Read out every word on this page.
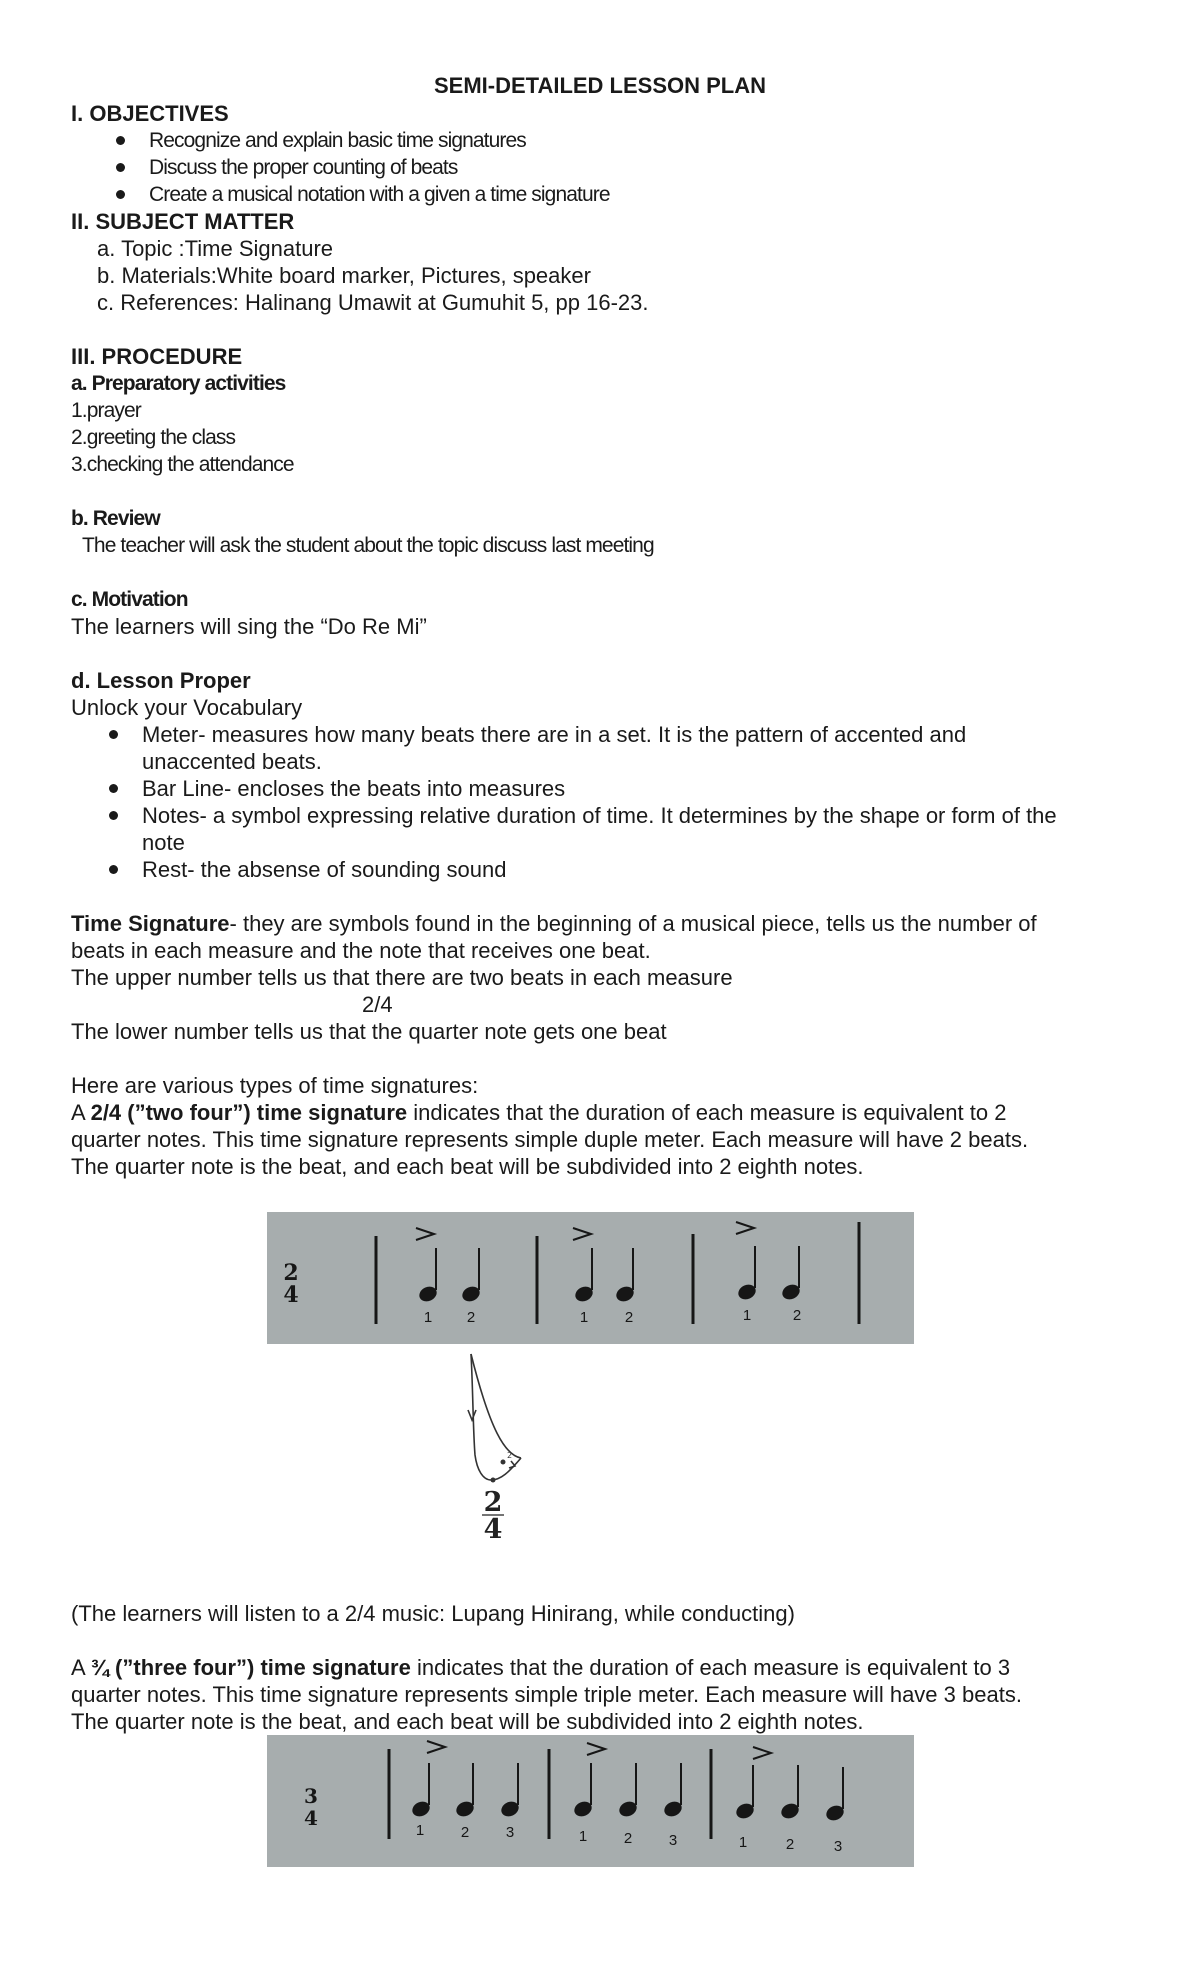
SEMI-DETAILED LESSON PLAN
I. OBJECTIVES
Recognize and explain basic time signatures
Discuss the proper counting of beats
Create a musical notation with a given a time signature
II. SUBJECT MATTER
a. Topic :Time Signature
b. Materials:White board marker, Pictures, speaker
c. References: Halinang Umawit at Gumuhit 5, pp 16-23.
III. PROCEDURE
a. Preparatory activities
1.prayer
2.greeting the class
3.checking the attendance
b. Review
The teacher will ask the student about the topic discuss last meeting
c. Motivation
The learners will sing the “Do Re Mi”
d. Lesson Proper
Unlock your Vocabulary
Meter- measures how many beats there are in a set. It is the pattern of accented and
unaccented beats.
Bar Line- encloses the beats into measures
Notes- a symbol expressing relative duration of time. It determines by the shape or form of the
note
Rest- the absense of sounding sound
Time Signature- they are symbols found in the beginning of a musical piece, tells us the number of
beats in each measure and the note that receives one beat.
The upper number tells us that there are two beats in each measure
2/4
The lower number tells us that the quarter note gets one beat
Here are various types of time signatures:
A 2/4 (”two four”) time signature indicates that the duration of each measure is equivalent to 2
quarter notes. This time signature represents simple duple meter. Each measure will have 2 beats.
The quarter note is the beat, and each beat will be subdivided into 2 eighth notes.
2
4
1 2	1 2	1	2
2
2
4
(The learners will listen to a 2/4 music: Lupang Hinirang, while conducting)
A ¾ (”three four”) time signature indicates that the duration of each measure is equivalent to 3
quarter notes. This time signature represents simple triple meter. Each measure will have 3 beats.
The quarter note is the beat, and each beat will be subdivided into 2 eighth notes.
3
4
1 2 3	1 2 3	1	2	3
